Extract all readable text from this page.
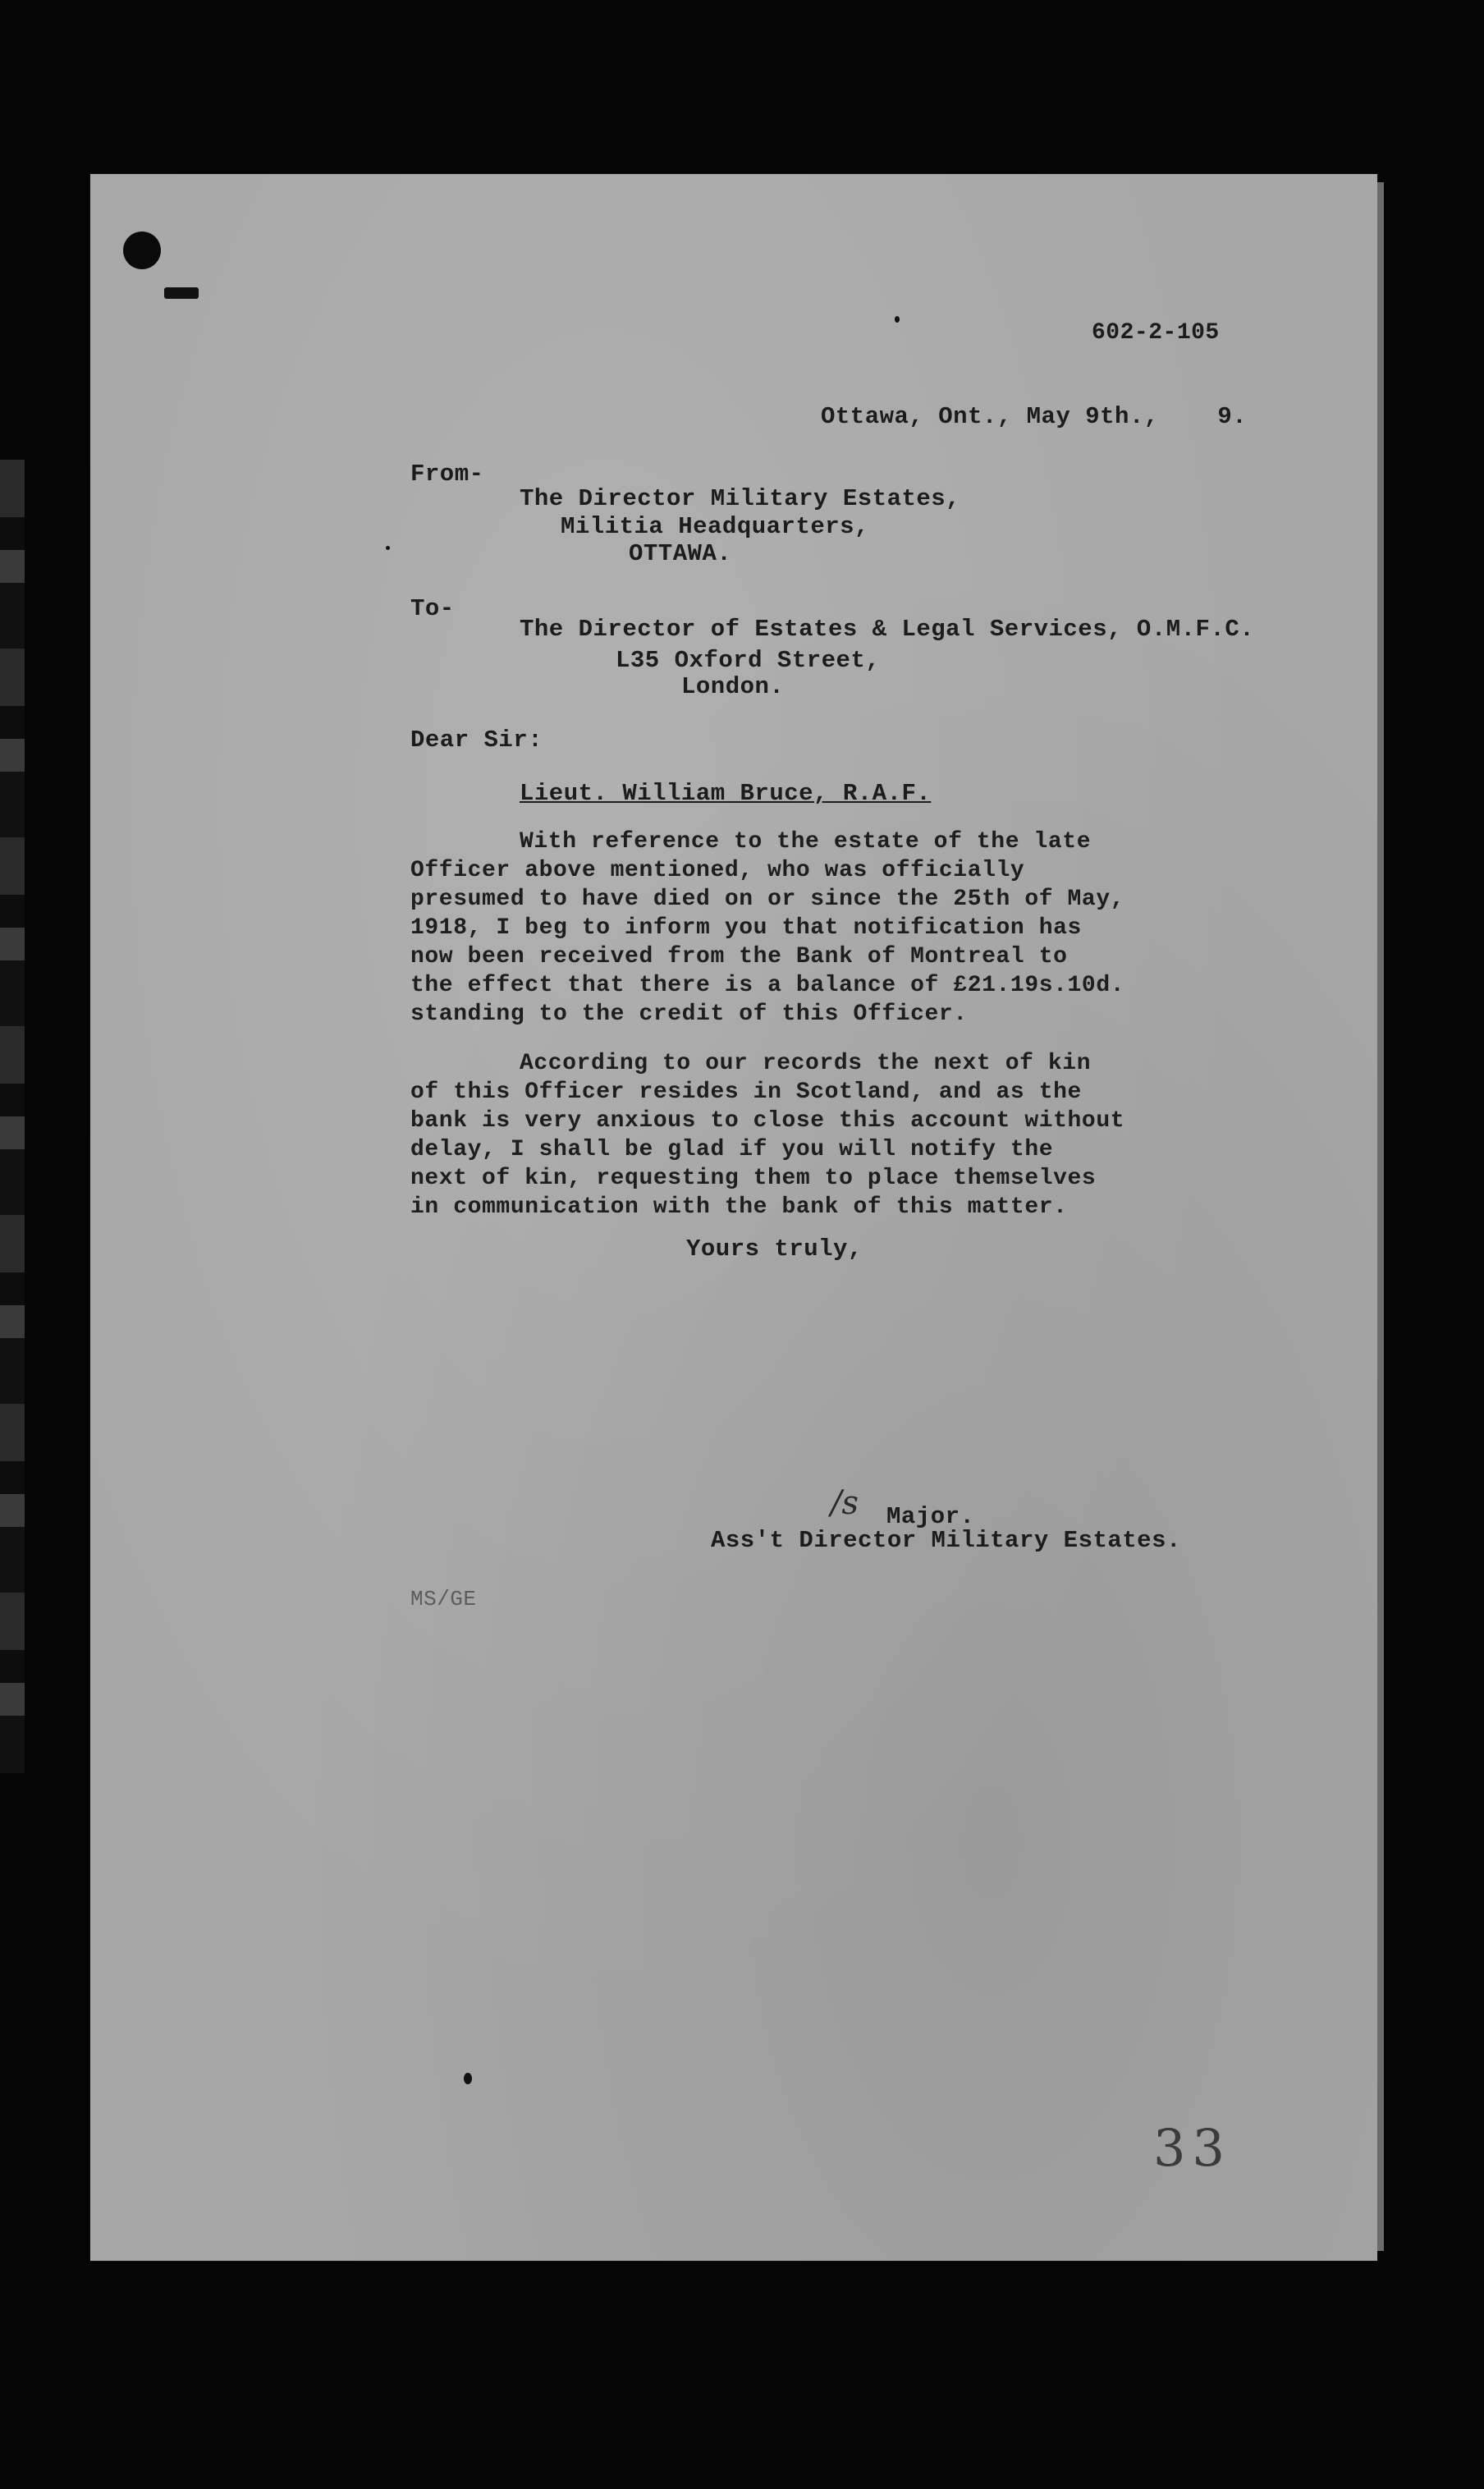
602-2-105
Ottawa, Ont., May 9th.,    9.
From-
The Director Military Estates,
Militia Headquarters,
OTTAWA.
To-
The Director of Estates & Legal Services, O.M.F.C.
L35 Oxford Street,
London.
Dear Sir:
Lieut. William Bruce, R.A.F.
With reference to the estate of the late
Officer above mentioned, who was officially
presumed to have died on or since the 25th of May,
1918, I beg to inform you that notification has
now been received from the Bank of Montreal to
the effect that there is a balance of £21.19s.10d.
standing to the credit of this Officer.
According to our records the next of kin
of this Officer resides in Scotland, and as the
bank is very anxious to close this account without
delay, I shall be glad if you will notify the
next of kin, requesting them to place themselves
in communication with the bank of this matter.
Yours truly,
/s Major.
Ass't Director Military Estates.
MS/GE
33
